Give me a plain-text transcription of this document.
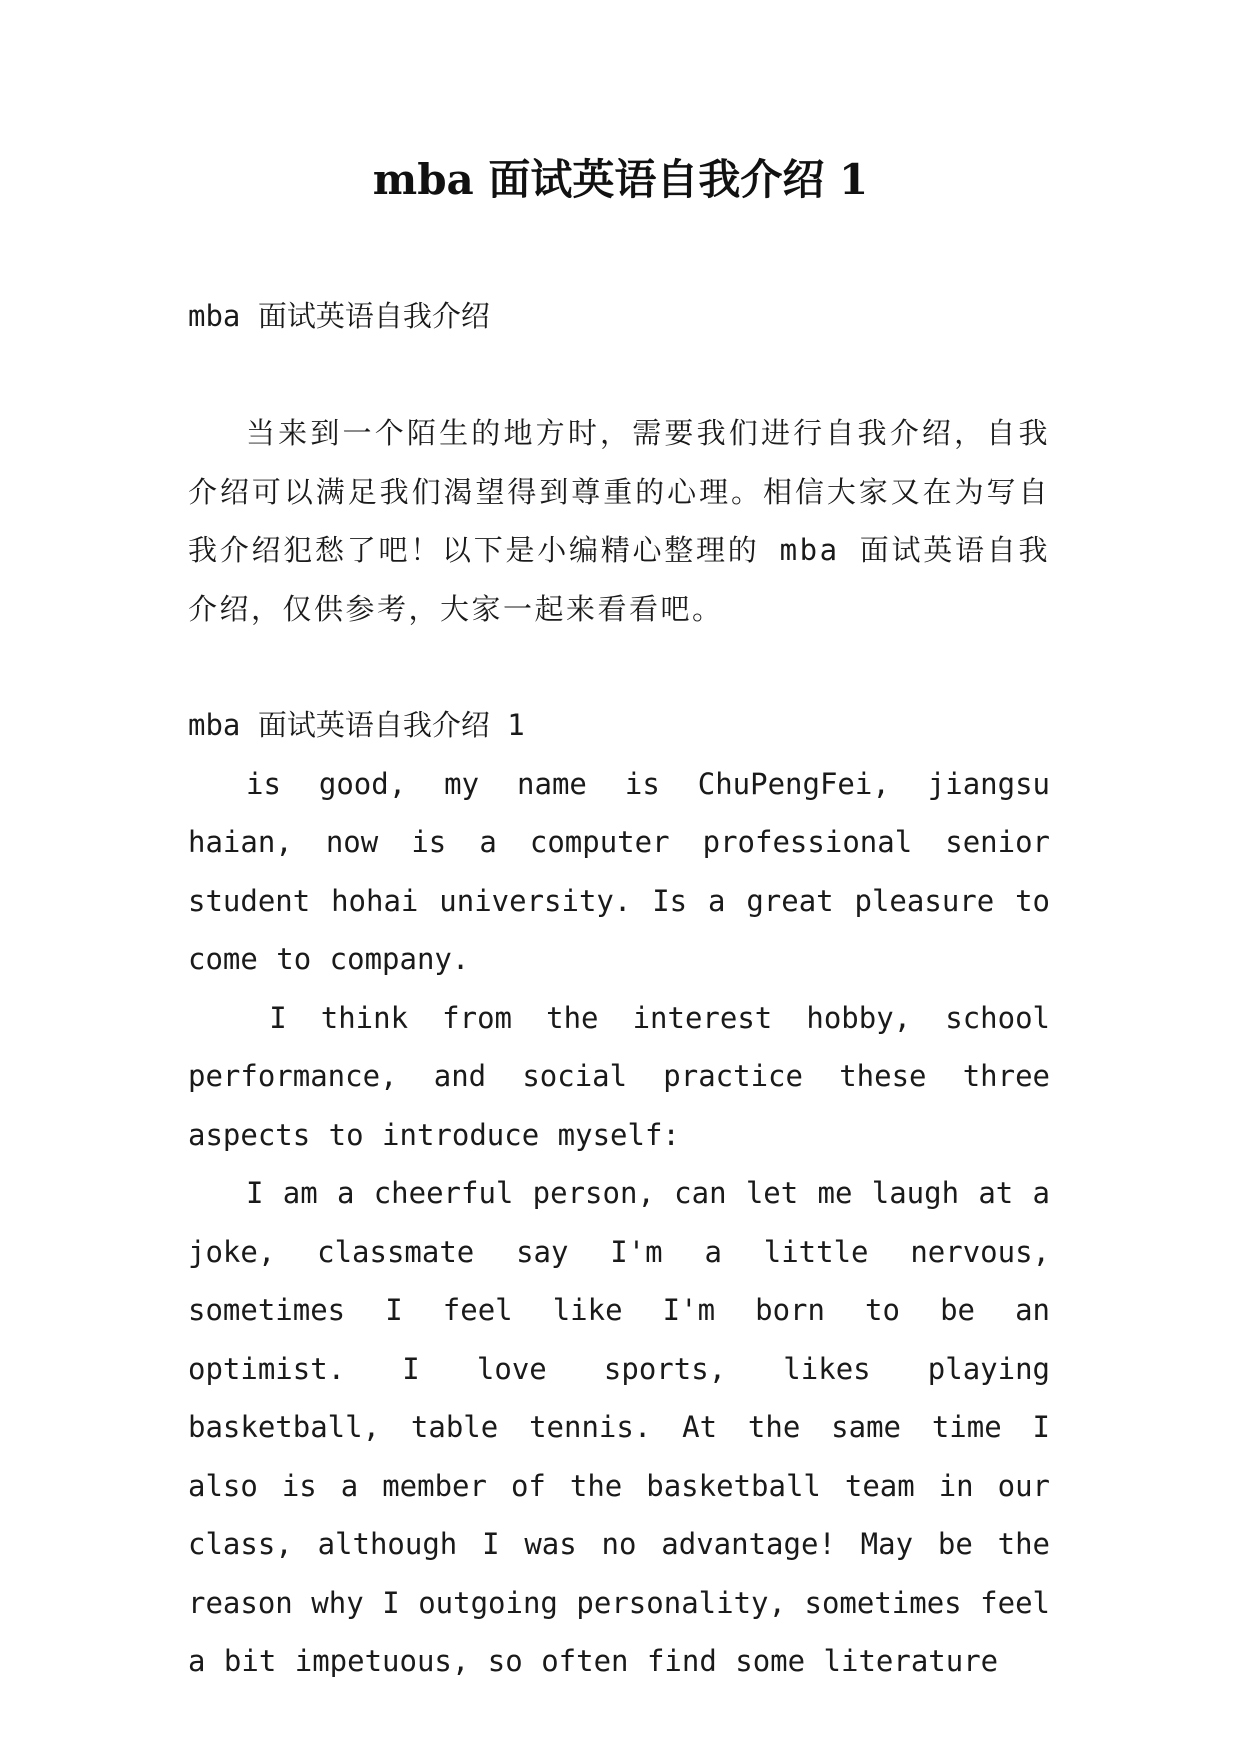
mba 面试英语自我介绍 1

mba 面试英语自我介绍

当来到一个陌生的地方时，需要我们进行自我介绍，自我介绍可以满足我们渴望得到尊重的心理。相信大家又在为写自我介绍犯愁了吧！以下是小编精心整理的 mba 面试英语自我介绍，仅供参考，大家一起来看看吧。

mba 面试英语自我介绍 1

is good, my name is ChuPengFei, jiangsu haian, now is a computer professional senior student hohai university. Is a great pleasure to come to company.

I think from the interest hobby, school performance, and social practice these three aspects to introduce myself:

I am a cheerful person, can let me laugh at a joke, classmate say I'm a little nervous, sometimes I feel like I'm born to be an optimist. I love sports, likes playing basketball, table tennis. At the same time I also is a member of the basketball team in our class, although I was no advantage! May be the reason why I outgoing personality, sometimes feel a bit impetuous, so often find some literature
